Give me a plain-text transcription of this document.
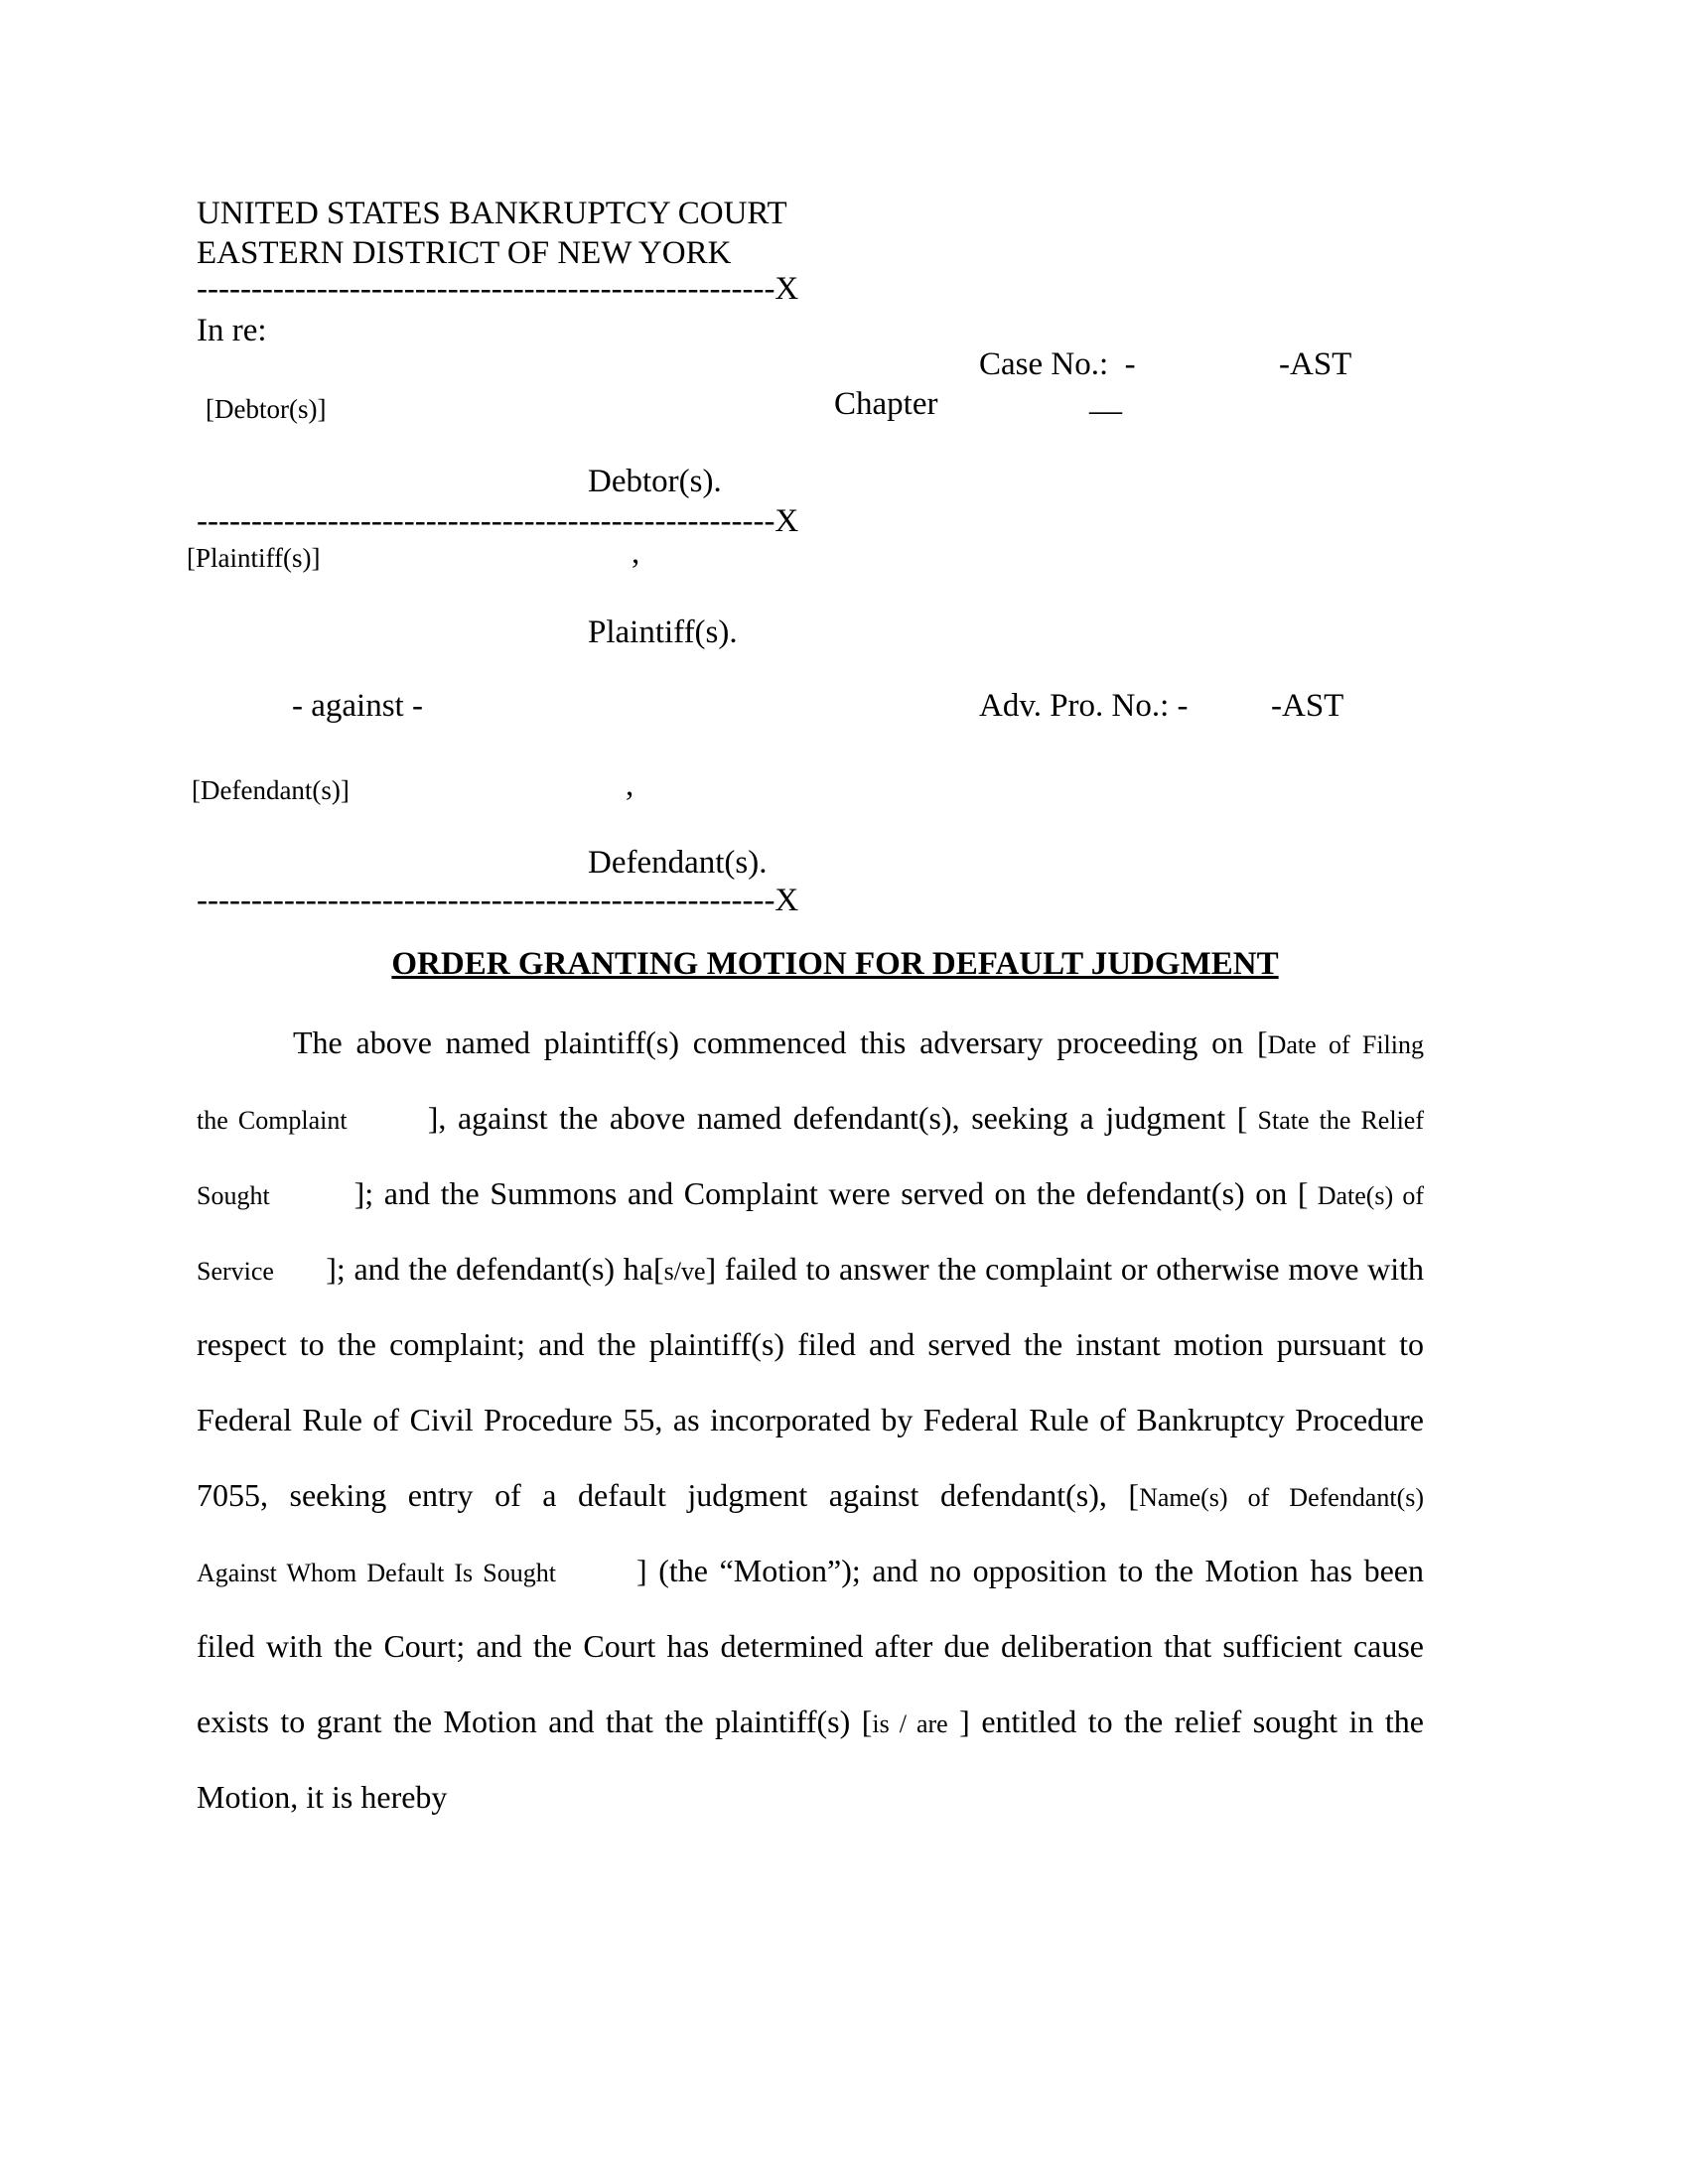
UNITED STATES BANKRUPTCY COURT
EASTERN DISTRICT OF NEW YORK
-----------------------------------------------------X
In re:
Case No.:  -	-AST
[Debtor(s)]	Chapter	__
Debtor(s).
-----------------------------------------------------X
[Plaintiff(s)]	,
Plaintiff(s).
- against -	Adv. Pro. No.: -	-AST
[Defendant(s)]	,
Defendant(s).
-----------------------------------------------------X
ORDER GRANTING MOTION FOR DEFAULT JUDGMENT
The above named plaintiff(s) commenced this adversary proceeding on [Date of Filing
the Complaint       ], against the above named defendant(s), seeking a judgment [ State the Relief
Sought        ]; and the Summons and Complaint were served on the defendant(s) on [ Date(s) of
Service      ]; and the defendant(s) ha[s/ve] failed to answer the complaint or otherwise move with
respect to the complaint; and the plaintiff(s) filed and served the instant motion pursuant to
Federal Rule of Civil Procedure 55, as incorporated by Federal Rule of Bankruptcy Procedure
7055, seeking entry of a default judgment against defendant(s), [Name(s) of Defendant(s)
Against Whom Default Is Sought       ] (the “Motion”); and no opposition to the Motion has been
filed with the Court; and the Court has determined after due deliberation that sufficient cause
exists to grant the Motion and that the plaintiff(s) [is / are ] entitled to the relief sought in the
Motion, it is hereby
